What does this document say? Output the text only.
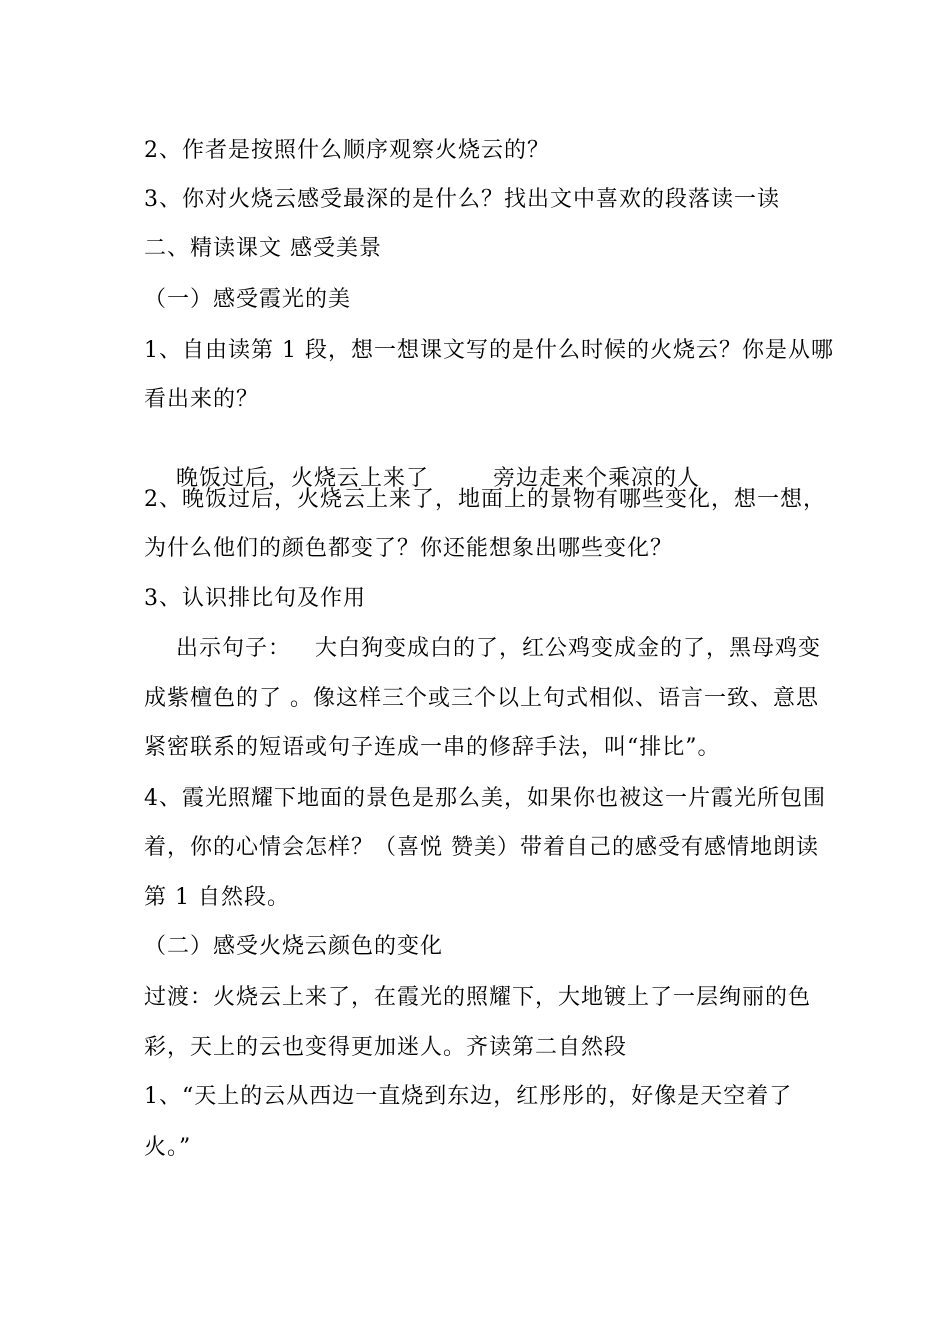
2、作者是按照什么顺序观察火烧云的？
3、你对火烧云感受最深的是什么？找出文中喜欢的段落读一读
二、精读课文 感受美景
（一）感受霞光的美
1、自由读第 1 段，想一想课文写的是什么时候的火烧云？你是从哪
看出来的？

晚饭过后，火烧云上来了	旁边走来个乘凉的人

2、晚饭过后，火烧云上来了，地面上的景物有哪些变化，想一想，
为什么他们的颜色都变了？你还能想象出哪些变化？
3、认识排比句及作用
出示句子：   大白狗变成白的了，红公鸡变成金的了，黑母鸡变
成紫檀色的了 。像这样三个或三个以上句式相似、语言一致、意思
紧密联系的短语或句子连成一串的修辞手法，叫“排比”。
4、霞光照耀下地面的景色是那么美，如果你也被这一片霞光所包围
着，你的心情会怎样？（喜悦 赞美）带着自己的感受有感情地朗读
第 1 自然段。
（二）感受火烧云颜色的变化
过渡：火烧云上来了，在霞光的照耀下，大地镀上了一层绚丽的色
彩，天上的云也变得更加迷人。齐读第二自然段
1、“天上的云从西边一直烧到东边，红彤彤的，好像是天空着了
火。”
